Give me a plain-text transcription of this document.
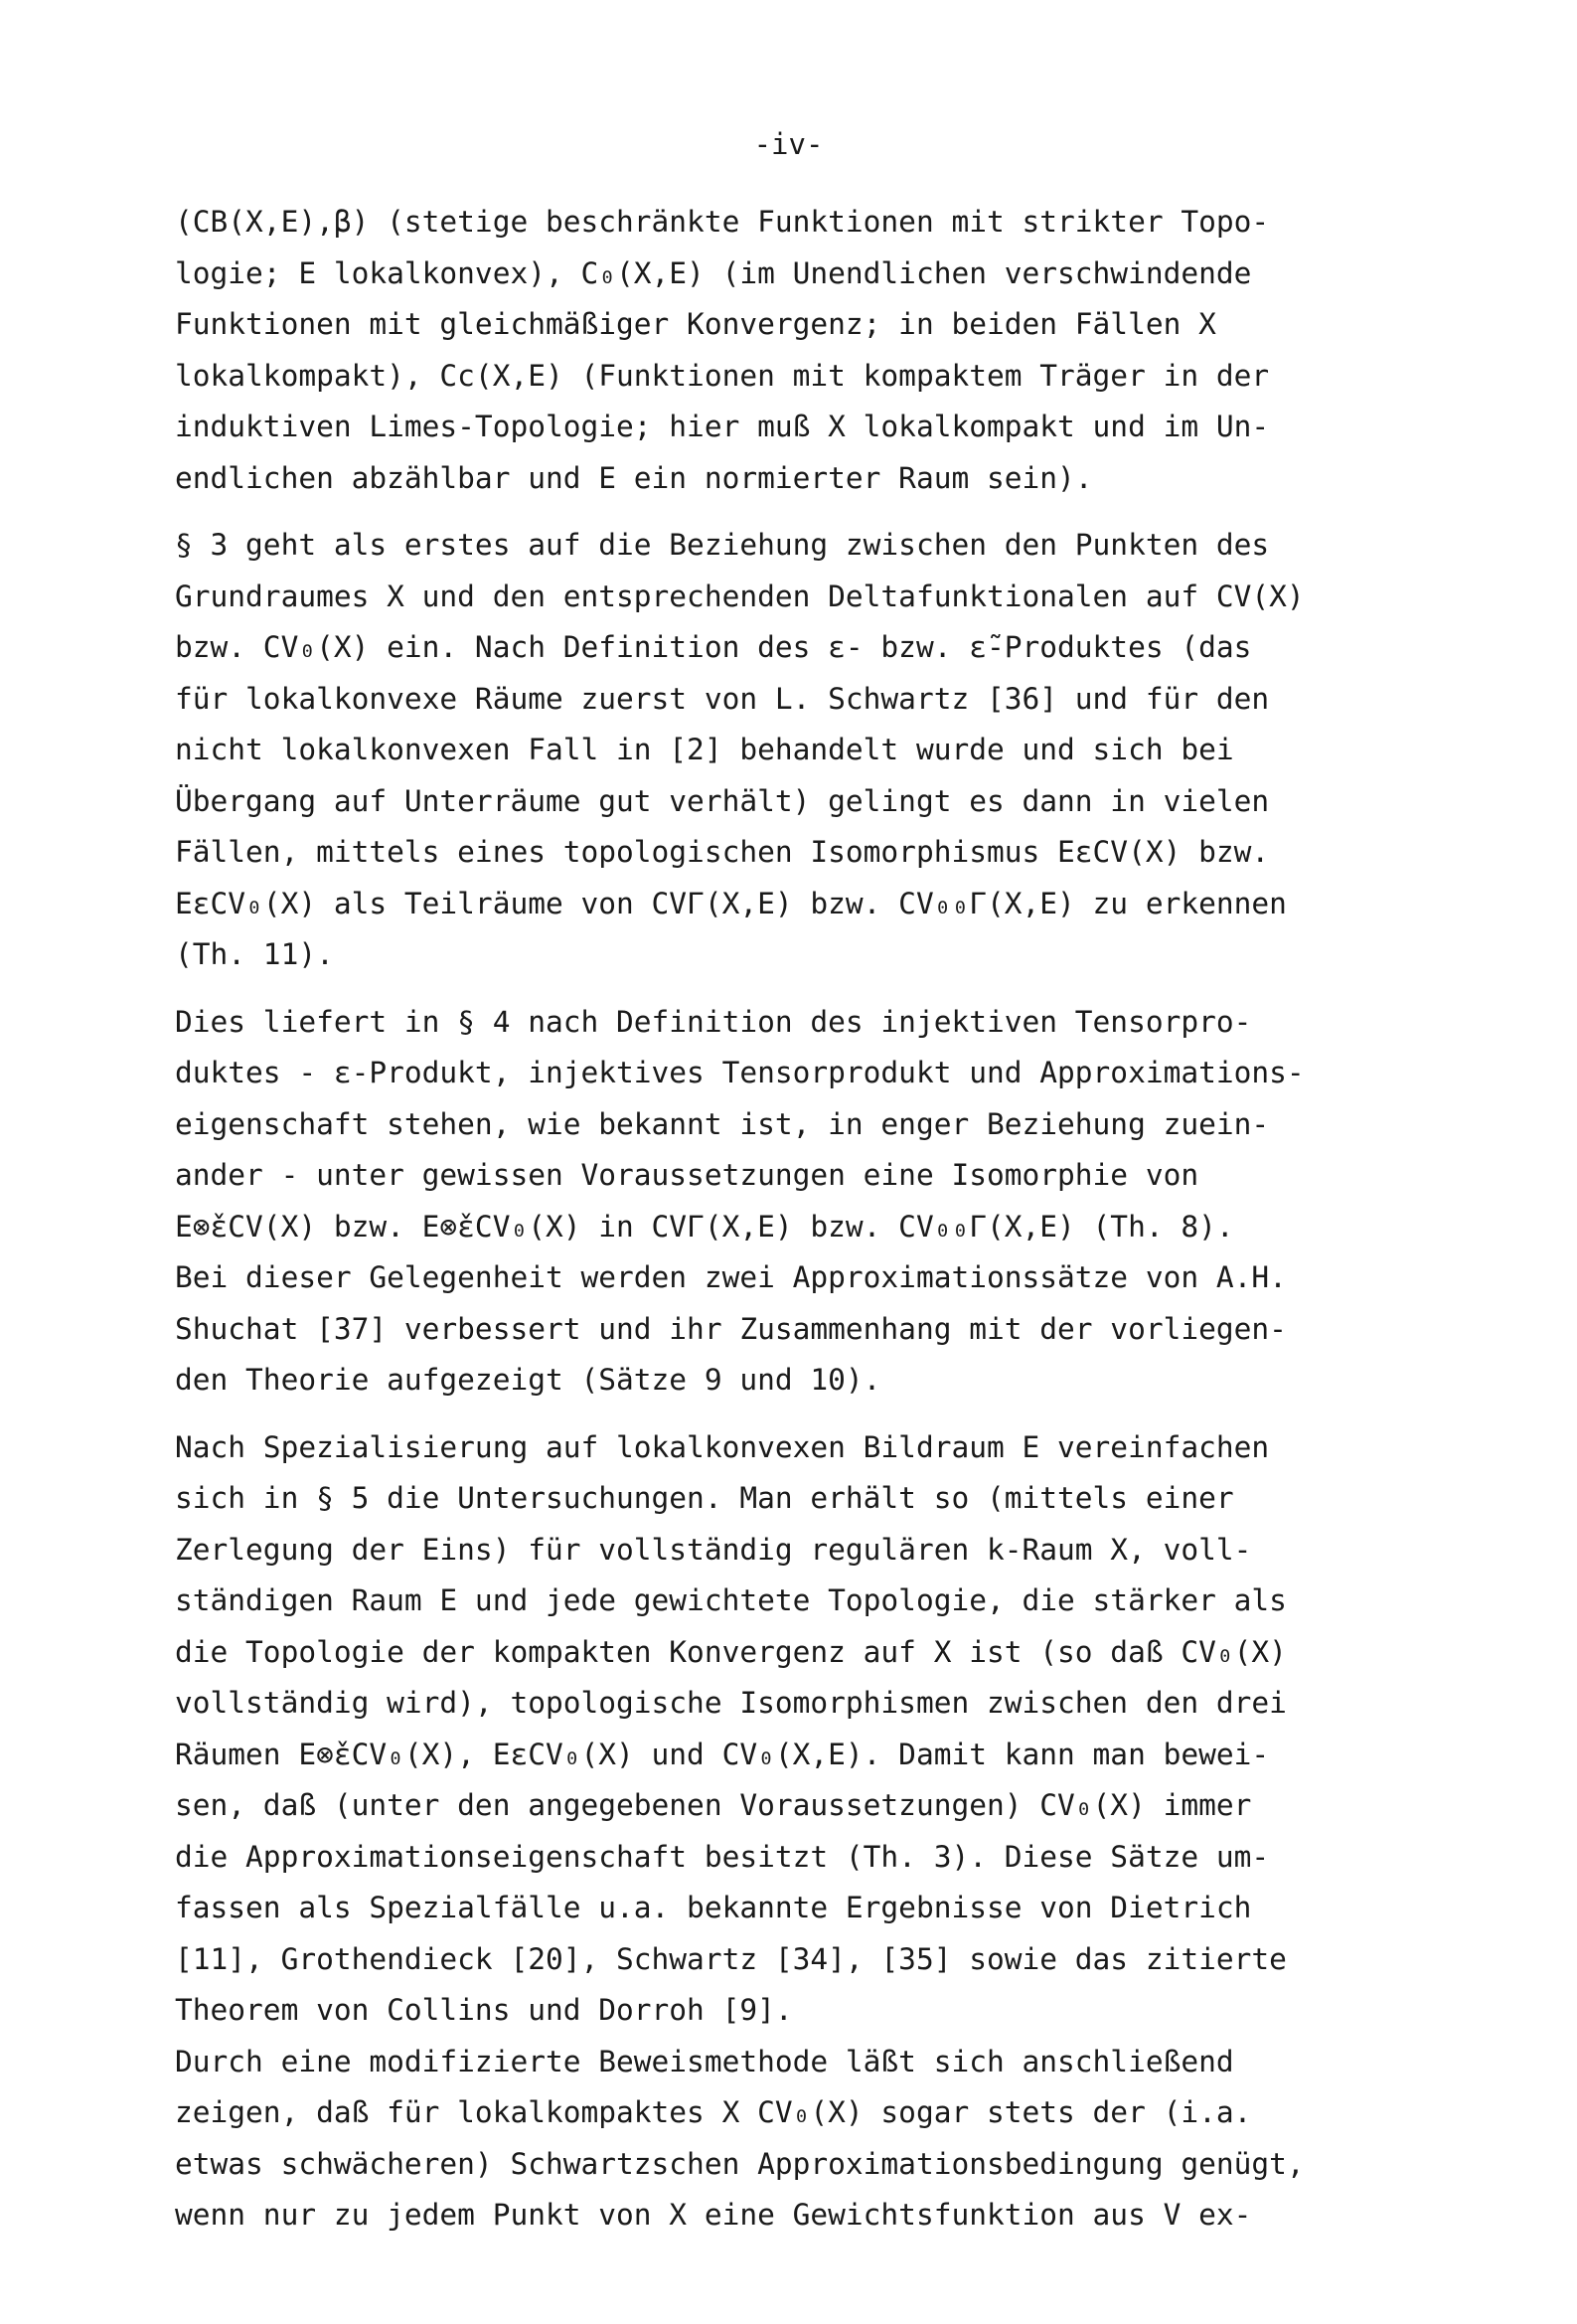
-iv-
(CB(X,E),β) (stetige beschränkte Funktionen mit strikter Topo-
logie; E lokalkonvex), C₀(X,E) (im Unendlichen verschwindende
Funktionen mit gleichmäßiger Konvergenz; in beiden Fällen X
lokalkompakt), Cc(X,E) (Funktionen mit kompaktem Träger in der
induktiven Limes-Topologie; hier muß X lokalkompakt und im Un-
endlichen abzählbar und E ein normierter Raum sein).
§ 3 geht als erstes auf die Beziehung zwischen den Punkten des
Grundraumes X und den entsprechenden Deltafunktionalen auf CV(X)
bzw. CV₀(X) ein. Nach Definition des ε- bzw. ε̃-Produktes (das
für lokalkonvexe Räume zuerst von L. Schwartz [36] und für den
nicht lokalkonvexen Fall in [2] behandelt wurde und sich bei
Übergang auf Unterräume gut verhält) gelingt es dann in vielen
Fällen, mittels eines topologischen Isomorphismus EεCV(X) bzw.
EεCV₀(X) als Teilräume von CVΓ(X,E) bzw. CV₀₀Γ(X,E) zu erkennen
(Th. 11).
Dies liefert in § 4 nach Definition des injektiven Tensorpro-
duktes - ε-Produkt, injektives Tensorprodukt und Approximations-
eigenschaft stehen, wie bekannt ist, in enger Beziehung zuein-
ander - unter gewissen Voraussetzungen eine Isomorphie von
E⊗̌εCV(X) bzw. E⊗̌εCV₀(X) in CVΓ(X,E) bzw. CV₀₀Γ(X,E) (Th. 8).
Bei dieser Gelegenheit werden zwei Approximationssätze von A.H.
Shuchat [37] verbessert und ihr Zusammenhang mit der vorliegen-
den Theorie aufgezeigt (Sätze 9 und 10).
Nach Spezialisierung auf lokalkonvexen Bildraum E vereinfachen
sich in § 5 die Untersuchungen. Man erhält so (mittels einer
Zerlegung der Eins) für vollständig regulären k-Raum X, voll-
ständigen Raum E und jede gewichtete Topologie, die stärker als
die Topologie der kompakten Konvergenz auf X ist (so daß CV₀(X)
vollständig wird), topologische Isomorphismen zwischen den drei
Räumen E⊗̌εCV₀(X), EεCV₀(X) und CV₀(X,E). Damit kann man bewei-
sen, daß (unter den angegebenen Voraussetzungen) CV₀(X) immer
die Approximationseigenschaft besitzt (Th. 3). Diese Sätze um-
fassen als Spezialfälle u.a. bekannte Ergebnisse von Dietrich
[11], Grothendieck [20], Schwartz [34], [35] sowie das zitierte
Theorem von Collins und Dorroh [9].
Durch eine modifizierte Beweismethode läßt sich anschließend
zeigen, daß für lokalkompaktes X CV₀(X) sogar stets der (i.a.
etwas schwächeren) Schwartzschen Approximationsbedingung genügt,
wenn nur zu jedem Punkt von X eine Gewichtsfunktion aus V ex-
